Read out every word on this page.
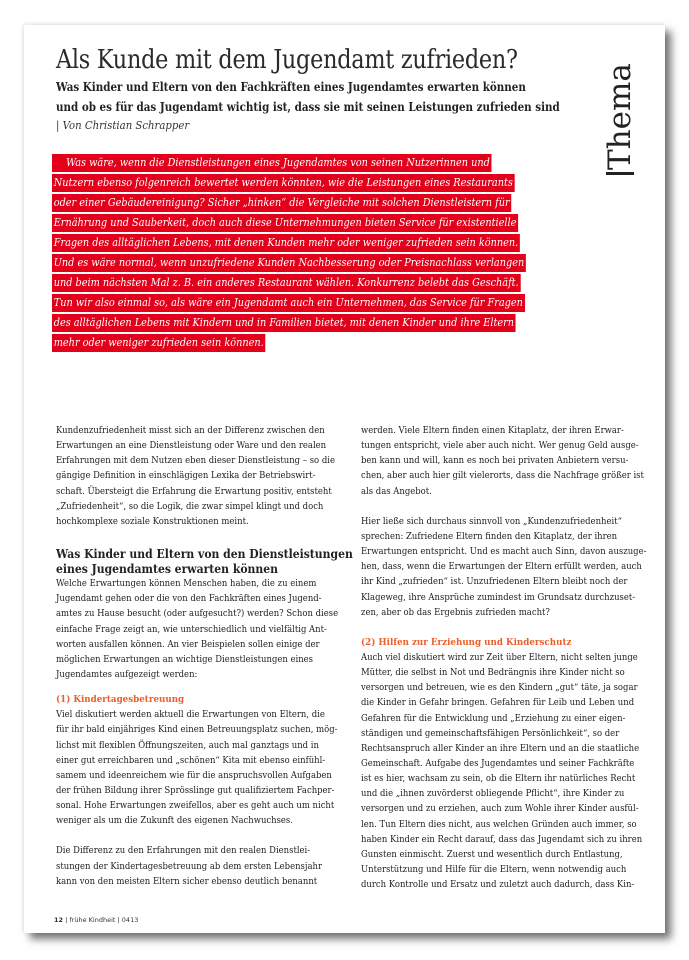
Als Kunde mit dem Jugendamt zufrieden?
Was Kinder und Eltern von den Fachkräften eines Jugendamtes erwarten können
und ob es für das Jugendamt wichtig ist, dass sie mit seinen Leistungen zufrieden sind
| Von Christian Schrapper	Thema
Was wäre, wenn die Dienstleistungen eines Jugendamtes von seinen Nutzerinnen und
Nutzern ebenso folgenreich bewertet werden könnten, wie die Leistungen eines Restaurants
oder einer Gebäudereinigung? Sicher „hinken“ die Vergleiche mit solchen Dienstleistern für
Ernährung und Sauberkeit, doch auch diese Unternehmungen bieten Service für existentielle
Fragen des alltäglichen Lebens, mit denen Kunden mehr oder weniger zufrieden sein können.
Und es wäre normal, wenn unzufriedene Kunden Nachbesserung oder Preisnachlass verlangen
und beim nächsten Mal z. B. ein anderes Restaurant wählen. Konkurrenz belebt das Geschäft.
Tun wir also einmal so, als wäre ein Jugendamt auch ein Unternehmen, das Service für Fragen
des alltäglichen Lebens mit Kindern und in Familien bietet, mit denen Kinder und ihre Eltern
mehr oder weniger zufrieden sein können.

Kundenzufriedenheit misst sich an der Differenz zwischen den
Erwartungen an eine Dienstleistung oder Ware und den realen
Erfahrungen mit dem Nutzen eben dieser Dienstleistung – so die
gängige Definition in einschlägigen Lexika der Betriebswirt-
schaft. Übersteigt die Erfahrung die Erwartung positiv, entsteht
„Zufriedenheit“, so die Logik, die zwar simpel klingt und doch
hochkomplexe soziale Konstruktionen meint.

Was Kinder und Eltern von den Dienstleistungen
eines Jugendamtes erwarten können

Welche Erwartungen können Menschen haben, die zu einem
Jugendamt gehen oder die von den Fachkräften eines Jugend-
amtes zu Hause besucht (oder aufgesucht?) werden? Schon diese
einfache Frage zeigt an, wie unterschiedlich und vielfältig Ant-
worten ausfallen können. An vier Beispielen sollen einige der
möglichen Erwartungen an wichtige Dienstleistungen eines
Jugendamtes aufgezeigt werden:

(1) Kindertagesbetreuung

Viel diskutiert werden aktuell die Erwartungen von Eltern, die
für ihr bald einjähriges Kind einen Betreuungsplatz suchen, mög-
lichst mit flexiblen Öffnungszeiten, auch mal ganztags und in
einer gut erreichbaren und „schönen“ Kita mit ebenso einfühl-
samem und ideenreichem wie für die anspruchsvollen Aufgaben
der frühen Bildung ihrer Sprösslinge gut qualifiziertem Fachper-
sonal. Hohe Erwartungen zweifellos, aber es geht auch um nicht
weniger als um die Zukunft des eigenen Nachwuchses.

Die Differenz zu den Erfahrungen mit den realen Dienstlei-
stungen der Kindertagesbetreuung ab dem ersten Lebensjahr
kann von den meisten Eltern sicher ebenso deutlich benannt

werden. Viele Eltern finden einen Kitaplatz, der ihren Erwar-
tungen entspricht, viele aber auch nicht. Wer genug Geld ausge-
ben kann und will, kann es noch bei privaten Anbietern versu-
chen, aber auch hier gilt vielerorts, dass die Nachfrage größer ist
als das Angebot.

Hier ließe sich durchaus sinnvoll von „Kundenzufriedenheit“
sprechen: Zufriedene Eltern finden den Kitaplatz, der ihren
Erwartungen entspricht. Und es macht auch Sinn, davon auszuge-
hen, dass, wenn die Erwartungen der Eltern erfüllt werden, auch
ihr Kind „zufrieden“ ist. Unzufriedenen Eltern bleibt noch der
Klageweg, ihre Ansprüche zumindest im Grundsatz durchzuset-
zen, aber ob das Ergebnis zufrieden macht?

(2) Hilfen zur Erziehung und Kinderschutz

Auch viel diskutiert wird zur Zeit über Eltern, nicht selten junge
Mütter, die selbst in Not und Bedrängnis ihre Kinder nicht so
versorgen und betreuen, wie es den Kindern „gut“ täte, ja sogar
die Kinder in Gefahr bringen. Gefahren für Leib und Leben und
Gefahren für die Entwicklung und „Erziehung zu einer eigen-
ständigen und gemeinschaftsfähigen Persönlichkeit“, so der
Rechtsanspruch aller Kinder an ihre Eltern und an die staatliche
Gemeinschaft. Aufgabe des Jugendamtes und seiner Fachkräfte
ist es hier, wachsam zu sein, ob die Eltern ihr natürliches Recht
und die „ihnen zuvörderst obliegende Pflicht“, ihre Kinder zu
versorgen und zu erziehen, auch zum Wohle ihrer Kinder ausfül-
len. Tun Eltern dies nicht, aus welchen Gründen auch immer, so
haben Kinder ein Recht darauf, dass das Jugendamt sich zu ihren
Gunsten einmischt. Zuerst und wesentlich durch Entlastung,
Unterstützung und Hilfe für die Eltern, wenn notwendig auch
durch Kontrolle und Ersatz und zuletzt auch dadurch, dass Kin-

12 | frühe Kindheit | 0413
